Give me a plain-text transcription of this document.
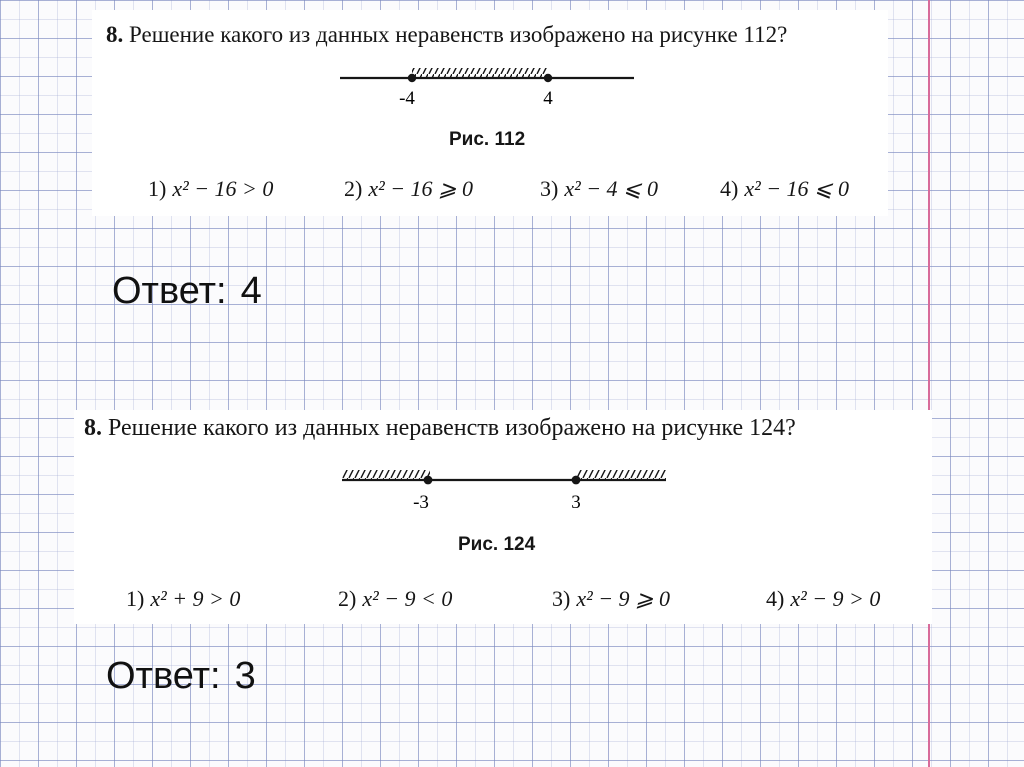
8. Решение какого из данных неравенств изображено на рисунке 112?
-4	4
Рис. 112
1) x² − 16 > 0	2) x² − 16 ⩾ 0	3) x² − 4 ⩽ 0	4) x² − 16 ⩽ 0
Ответ: 4
8. Решение какого из данных неравенств изображено на рисунке 124?
-3	3
Рис. 124
1) x² + 9 > 0	2) x² − 9 < 0	3) x² − 9 ⩾ 0	4) x² − 9 > 0
Ответ: 3
